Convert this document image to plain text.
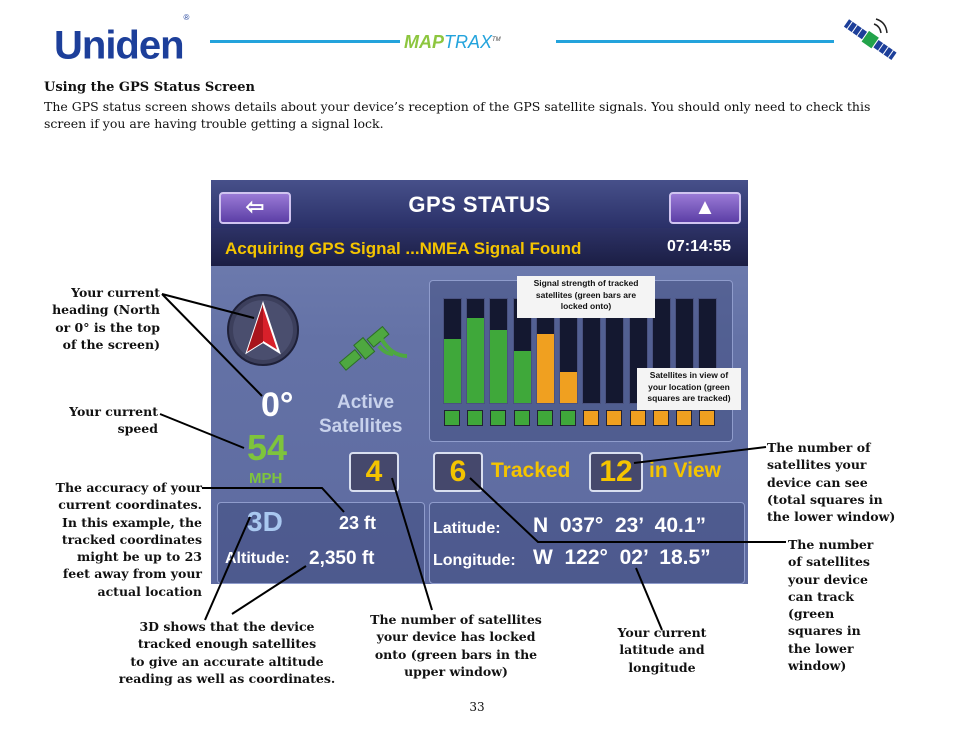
Uniden®
MAPTRAX™
Using the GPS Status Screen
The GPS status screen shows details about your device’s reception of the GPS satellite signals. You should only need to check this screen if you are having trouble getting a signal lock.
⇦	GPS STATUS	▲
Acquiring GPS Signal ...NMEA Signal Found	07:14:55
0° Active
Satellites
54
MPH	4	6	Tracked 12 in View
3D	23 ft
Altitude: 2,350 ft
Latitude: N  037°  23’  40.1”
Longitude: W  122°  02’  18.5”
Signal strength of tracked
satellites (green bars are
locked onto)
Satellites in view of
your location (green
squares are tracked)
Your current
heading (North
or 0° is the top
of the screen)
Your current
speed
The accuracy of your
current coordinates.
In this example, the
tracked coordinates
might be up to 23
feet away from your
actual location
3D shows that the device
tracked enough satellites
to give an accurate altitude
reading as well as coordinates.
The number of satellites
your device has locked
onto (green bars in the
upper window)
Your current
latitude and
longitude
The number of
satellites your
device can see
(total squares in
the lower window)
The number
of satellites
your device
can track
(green
squares in
the lower
window)
33
